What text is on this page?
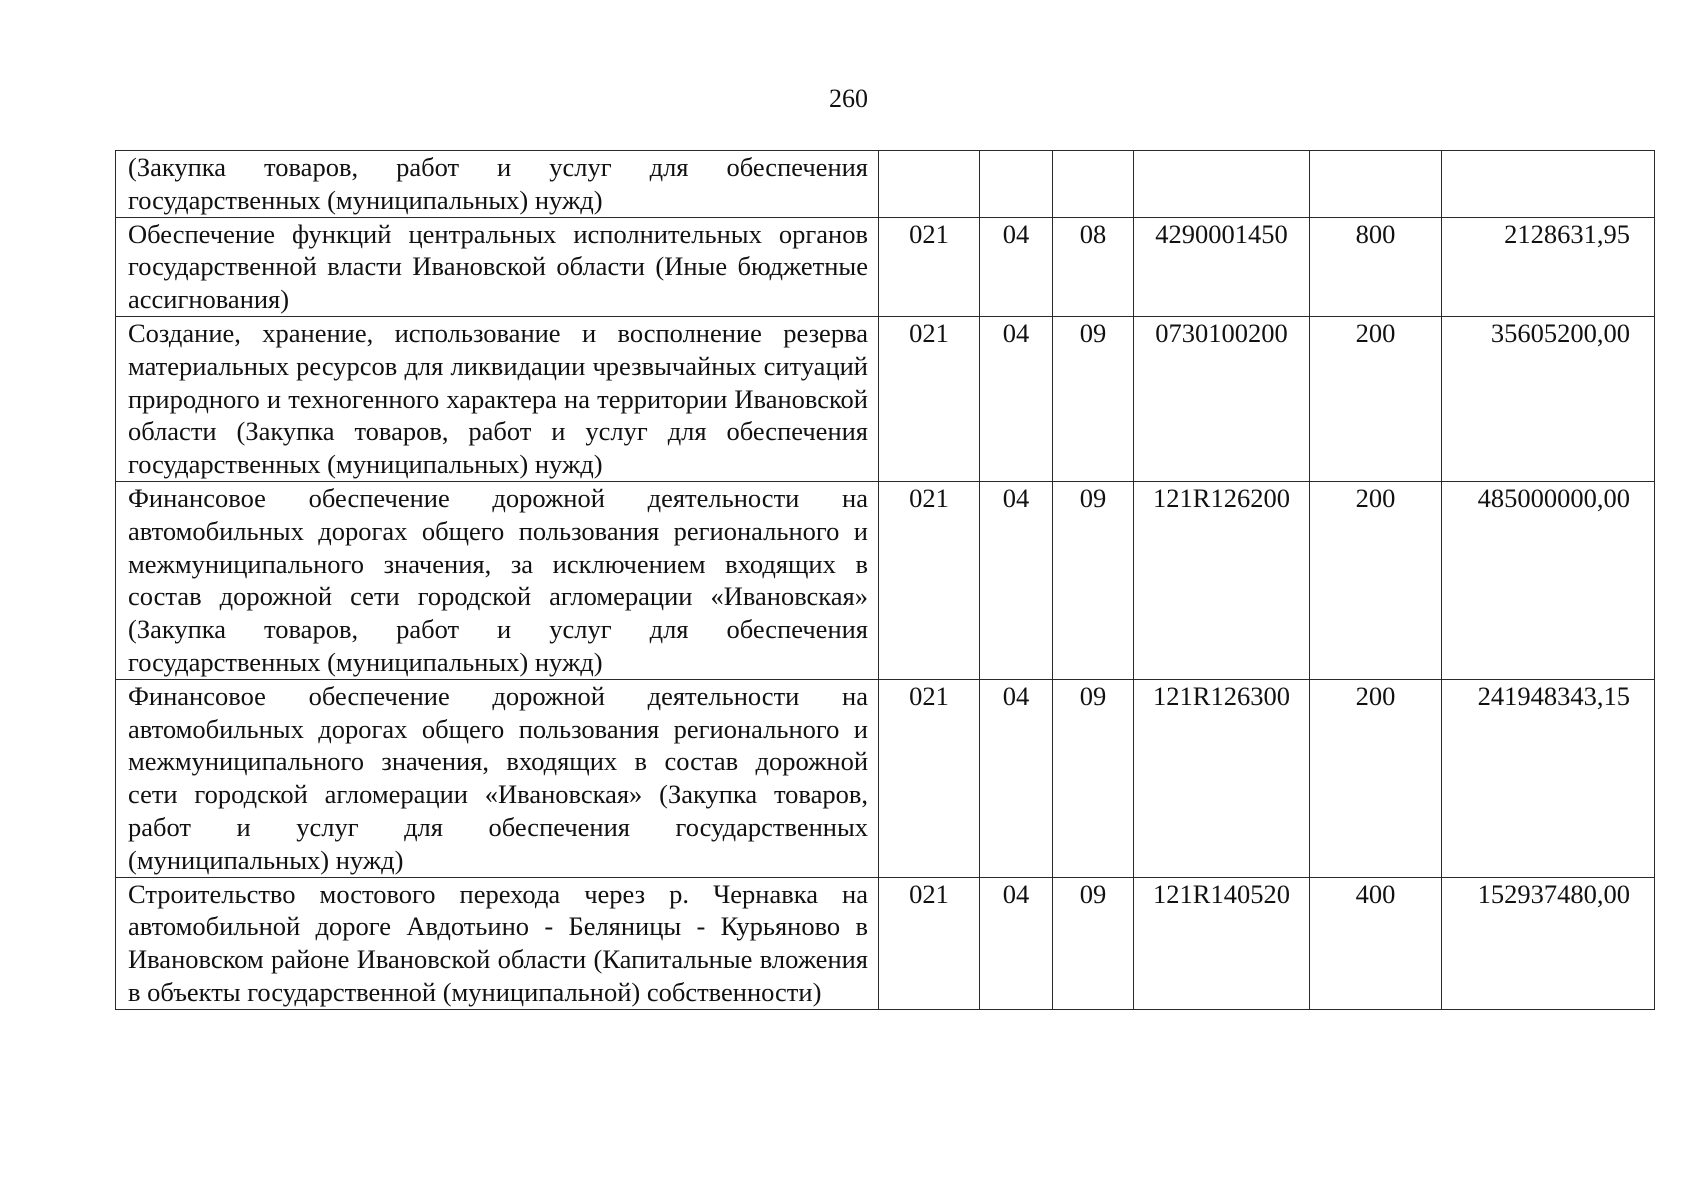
260
(Закупка товаров, работ и услуг для обеспечения государственных (муниципальных) нужд)						
Обеспечение функций центральных исполнительных органов государственной власти Ивановской области (Иные бюджетные ассигнования)	021	04	08	4290001450	800	2128631,95
Создание, хранение, использование и восполнение резерва материальных ресурсов для ликвидации чрезвычайных ситуаций природного и техногенного характера на территории Ивановской области (Закупка товаров, работ и услуг для обеспечения государственных (муниципальных) нужд)	021	04	09	0730100200	200	35605200,00
Финансовое обеспечение дорожной деятельности на автомобильных дорогах общего пользования регионального и межмуниципального значения, за исключением входящих в состав дорожной сети городской агломерации «Ивановская» (Закупка товаров, работ и услуг для обеспечения государственных (муниципальных) нужд)	021	04	09	121R126200	200	485000000,00
Финансовое обеспечение дорожной деятельности на автомобильных дорогах общего пользования регионального и межмуниципального значения, входящих в состав дорожной сети городской агломерации «Ивановская» (Закупка товаров, работ и услуг для обеспечения государственных (муниципальных) нужд)	021	04	09	121R126300	200	241948343,15
Строительство мостового перехода через р. Чернавка на автомобильной дороге Авдотьино - Беляницы - Курьяново в Ивановском районе Ивановской области (Капитальные вложения в объекты государственной (муниципальной) собственности)	021	04	09	121R140520	400	152937480,00
